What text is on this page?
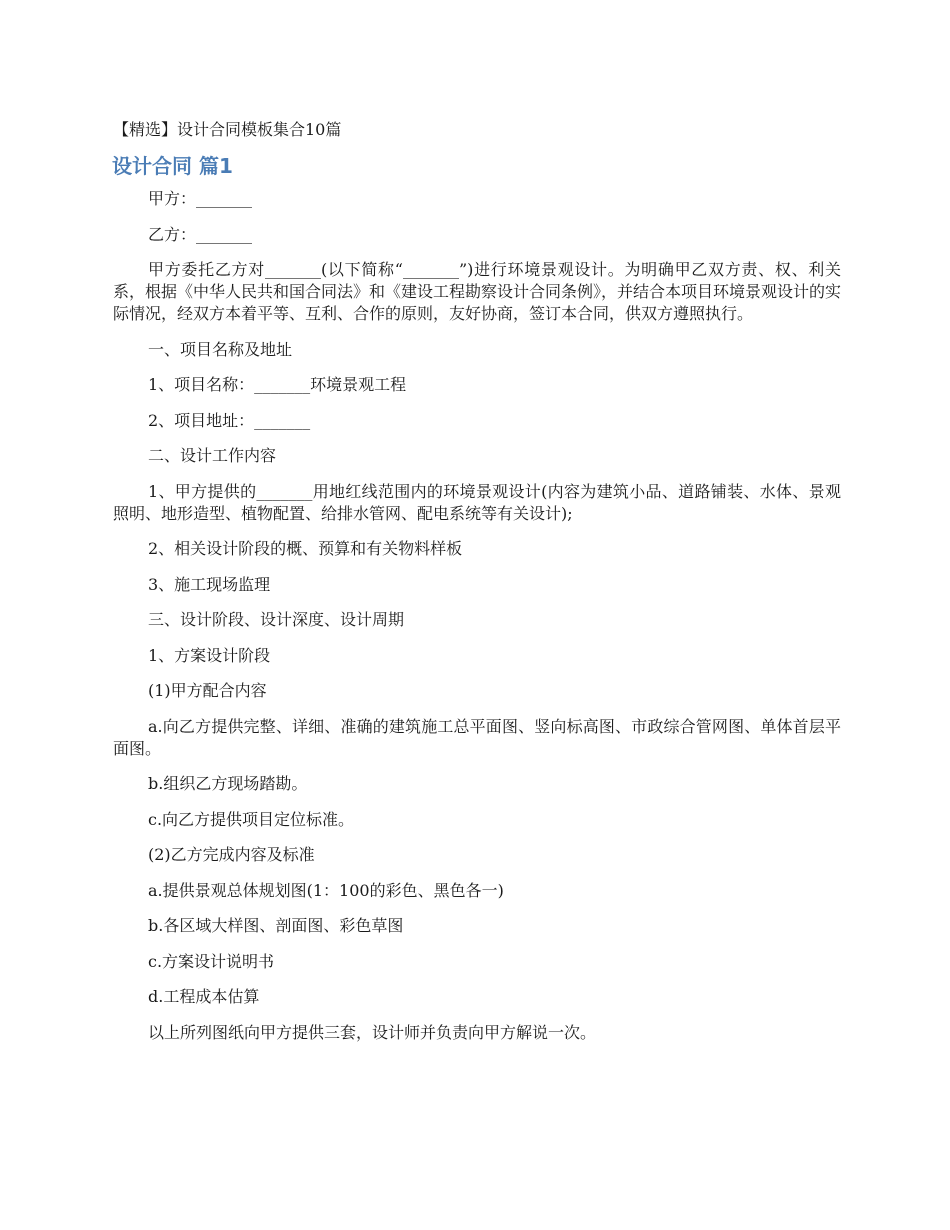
【精选】设计合同模板集合10篇
设计合同 篇1

甲方：_______

乙方：_______

甲方委托乙方对_______(以下简称“_______”)进行环境景观设计。为明确甲乙双方责、权、利关系，根据《中华人民共和国合同法》和《建设工程勘察设计合同条例》，并结合本项目环境景观设计的实际情况，经双方本着平等、互利、合作的原则，友好协商，签订本合同，供双方遵照执行。

一、项目名称及地址

1、项目名称：_______环境景观工程

2、项目地址：_______

二、设计工作内容

1、甲方提供的_______用地红线范围内的环境景观设计(内容为建筑小品、道路铺装、水体、景观照明、地形造型、植物配置、给排水管网、配电系统等有关设计);

2、相关设计阶段的概、预算和有关物料样板

3、施工现场监理

三、设计阶段、设计深度、设计周期

1、方案设计阶段

(1)甲方配合内容

a.向乙方提供完整、详细、准确的建筑施工总平面图、竖向标高图、市政综合管网图、单体首层平面图。

b.组织乙方现场踏勘。

c.向乙方提供项目定位标准。

(2)乙方完成内容及标准

a.提供景观总体规划图(1：100的彩色、黑色各一)

b.各区域大样图、剖面图、彩色草图

c.方案设计说明书

d.工程成本估算

以上所列图纸向甲方提供三套，设计师并负责向甲方解说一次。
